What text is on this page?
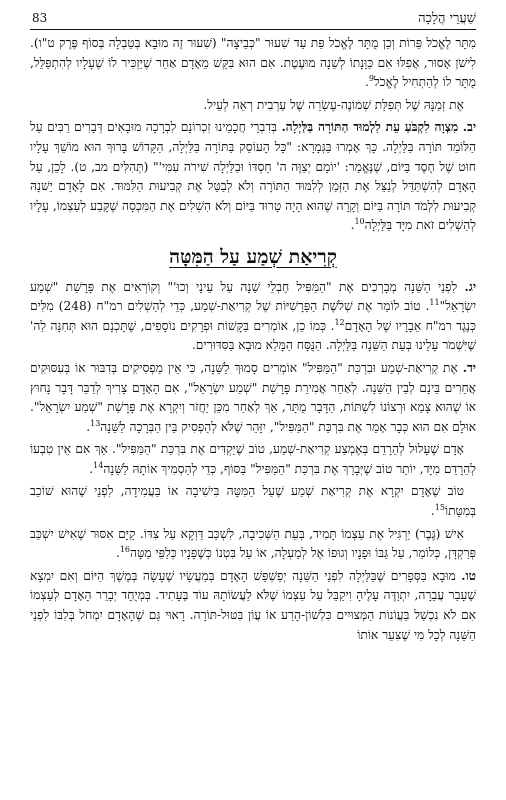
83	שַׁעֲרֵי הֲלָכָה

מִתָּר לֶאֱכֹל פֵּרוֹת וְכֵן מֻתָּר לֶאֱכֹל פַּת עַד שִׁעוּר "כְּבֵיצָה" (שִׁעוּר זֶה מוּבָא בְּטַבְלָה בְּסוֹף פֶּרֶק ט"ו). לִישֹׁן אָסוּר, אֲפִלּוּ אִם כַּוָּנָתוֹ לְשֵׁנָה מוּעֶטֶת. אִם הוּא בִּקֵּשׁ מֵאָדָם אַחֵר שֶׁיַּזְכִּיר לוֹ שֶׁעָלָיו לְהִתְפַּלֵּל, מֻתָּר לוֹ לְהַתְחִיל לֶאֱכֹל$^9$.

אֶת זְמַנָּהּ שֶׁל תְּפִלַּת שְׁמוֹנֶה-עֶשְׂרֵה שֶׁל עַרְבִית רְאֵה לְעֵיל.

יב. מִצְוָה לִקְבֹּעַ עֵת לִלְמוּד הַתּוֹרָה בַּלַּיְלָה. בְּדִבְרֵי חֲכָמֵינוּ זִכְרוֹנָם לִבְרָכָה מוּבָאִים דְּבָרִים רַבִּים עַל הַלּוֹמֵד תּוֹרָה בַּלַּיְלָה. כָּךְ אָמְרוּ בַּגְּמָרָא: "כָּל הָעוֹסֵק בַּתּוֹרָה בַּלַּיְלָה, הַקָּדוֹשׁ בָּרוּךְ הוּא מוֹשֵׁךְ עָלָיו חוּט שֶׁל חֶסֶד בַּיּוֹם, שֶׁנֶּאֱמַר: 'יוֹמָם יְצַוֶּה ה' חַסְדּוֹ וּבַלַּיְלָה שִׁירֹה עִמִּי'" (תְּהִלִּים מב, ט). לָכֵן, עַל הָאָדָם לְהִשְׁתַּדֵּל לְנַצֵּל אֶת הַזְּמַן לְלִמּוּד הַתּוֹרָה וְלֹא לְבַטֵּל אֶת קְבִיעוּת הַלִּמּוּד. אִם לָאָדָם יֵשׁנָהּ קְבִיעוּת לִלְמֹד תּוֹרָה בַּיּוֹם וְקָרָה שֶׁהוּא הָיָה טָרוּד בַּיּוֹם וְלֹא הִשְׁלִים אֶת הַמִּכְסָה שֶׁקָּבַע לְעַצְמוֹ, עָלָיו לְהַשְׁלִים זֹאת מִיָּד בַּלַּיְלָה$^{10}$.

קְרִיאַת שְׁמַע עַל הַמִּטָּה

יג. לִפְנֵי הַשֵּׁנָה מְבָרְכִים אֶת "הַמַּפִּיל חֶבְלֵי שֵׁנָה עַל עֵינָי וְכוּ'" וְקוֹרְאִים אֶת פָּרָשַׁת "שְׁמַע יִשְׂרָאֵל"$^{11}$. טוֹב לוֹמַר אֶת שְׁלֹשֶׁת הַפָּרָשִׁיּוֹת שֶׁל קְרִיאַת-שְׁמַע, כְּדֵי לְהַשְׁלִים רמ"ח (248) מִלִּים כְּנֶגֶד רמ"ח אֵבָרָיו שֶׁל הָאָדָם$^{12}$. כְּמוֹ כֵן, אוֹמְרִים בַּקָּשׁוֹת וּפְרָקִים נוֹסָפִים, שֶׁתָּכְנָם הוּא תְּחִנָּה לַה' שֶׁיִּשְׁמֹר עָלֵינוּ בְּעֵת הַשֵּׁנָה בַּלַּיְלָה. הַנֻּסָּח הַמָּלֵא מוּבָא בַּסִּדּוּרִים.

יד. אֶת קְרִיאַת-שְׁמַע וּבִרְכַּת "הַמַּפִּיל" אוֹמְרִים סָמוּךְ לַשֵּׁנָה, כִּי אֵין מַפְסִיקִים בְּדִבּוּר אוֹ בְּעִסּוּקִים אֲחֵרִים בֵּינָם לְבֵין הַשֵּׁנָה. לְאַחַר אֲמִירַת פָּרָשַׁת "שְׁמַע יִשְׂרָאֵל", אִם הָאָדָם צָרִיךְ לְדַבֵּר דָּבָר נָחוּץ אוֹ שֶׁהוּא צָמֵא וּרְצוֹנוֹ לִשְׁתּוֹת, הַדָּבָר מֻתָּר, אַךְ לְאַחַר מִכֵּן יַחֲזֹר וְיִקְרָא אֶת פָּרָשַׁת "שְׁמַע יִשְׂרָאֵל". אוּלָם אִם הוּא כְּבָר אָמַר אֶת בִּרְכַּת "הַמַּפִּיל", יִזָּהֵר שֶׁלֹּא לְהַפְסִיק בֵּין הַבְּרָכָה לַשֵּׁנָה$^{13}$.

אָדָם שֶׁעָלוּל לְהֵרָדֵם בְּאֶמְצַע קְרִיאַת-שְׁמַע, טוֹב שֶׁיַּקְדִּים אֶת בִּרְכַּת "הַמַּפִּיל". אַךְ אִם אֵין טִבְעוֹ לְהֵרָדֵם מִיָּד, יוֹתֵר טוֹב שֶׁיְּבָרֵךְ אֶת בִּרְכַּת "הַמַּפִּיל" בַּסּוֹף, כְּדֵי לְהַסְמִיךְ אוֹתָהּ לַשֵּׁנָה$^{14}$.

טוֹב שֶׁאָדָם יִקְרָא אֶת קְרִיאַת שְׁמַע שֶׁעַל הַמִּטָּה בִּישִׁיבָה אוֹ בַּעֲמִידָה, לִפְנֵי שֶׁהוּא שׁוֹכֵב בְּמִטָּתוֹ$^{15}$.

אִישׁ (גֶּבֶר) יַרְגִּיל אֶת עַצְמוֹ תָּמִיד, בְּעֵת הַשְּׁכִיבָה, לִשְׁכַּב דַּוְקָא עַל צִדּוֹ. קַיָּם אִסּוּר שֶׁאִישׁ יִשְׁכַּב פְּרַקְדָּן, כְּלוֹמַר, עַל גַּבּוֹ וּפָנָיו וְגוּפוֹ אֶל לְמַעְלָה, אוֹ עַל בִּטְנוֹ כְּשֶׁפָּנָיו כְּלַפֵּי מַטָּה$^{16}$.

טו. מוּבָא בַּסְּפָרִים שֶׁבַּלַּיְלָה לִפְנֵי הַשֵּׁנָה יְפַשְׁפֵּשׁ הָאָדָם בְּמַעֲשָׂיו שֶׁעָשָׂה בְּמֶשֶׁךְ הַיּוֹם וְאִם יִמְצָא שֶׁעָבַר עֲבֵרָה, יִתְוַדֶּה עָלֶיהָ וִיקַבֵּל עַל עַצְמוֹ שֶׁלֹּא לַעֲשׂוֹתָהּ עוֹד בֶּעָתִיד. בְּמְיֻחָד יְבָרֵר הָאָדָם לְעַצְמוֹ אִם לֹא נִכְשַׁל בַּעֲוֹנוֹת הַמְּצוּיִים כִּלְשׁוֹן-הָרַע אוֹ עֲוֹן בִּטּוּל-תּוֹרָה. רָאוּי גַּם שֶׁהָאָדָם יִמְחֹל בְּלִבּוֹ לִפְנֵי הַשֵּׁנָה לְכָל מִי שֶׁצִּעֵר אוֹתוֹ
